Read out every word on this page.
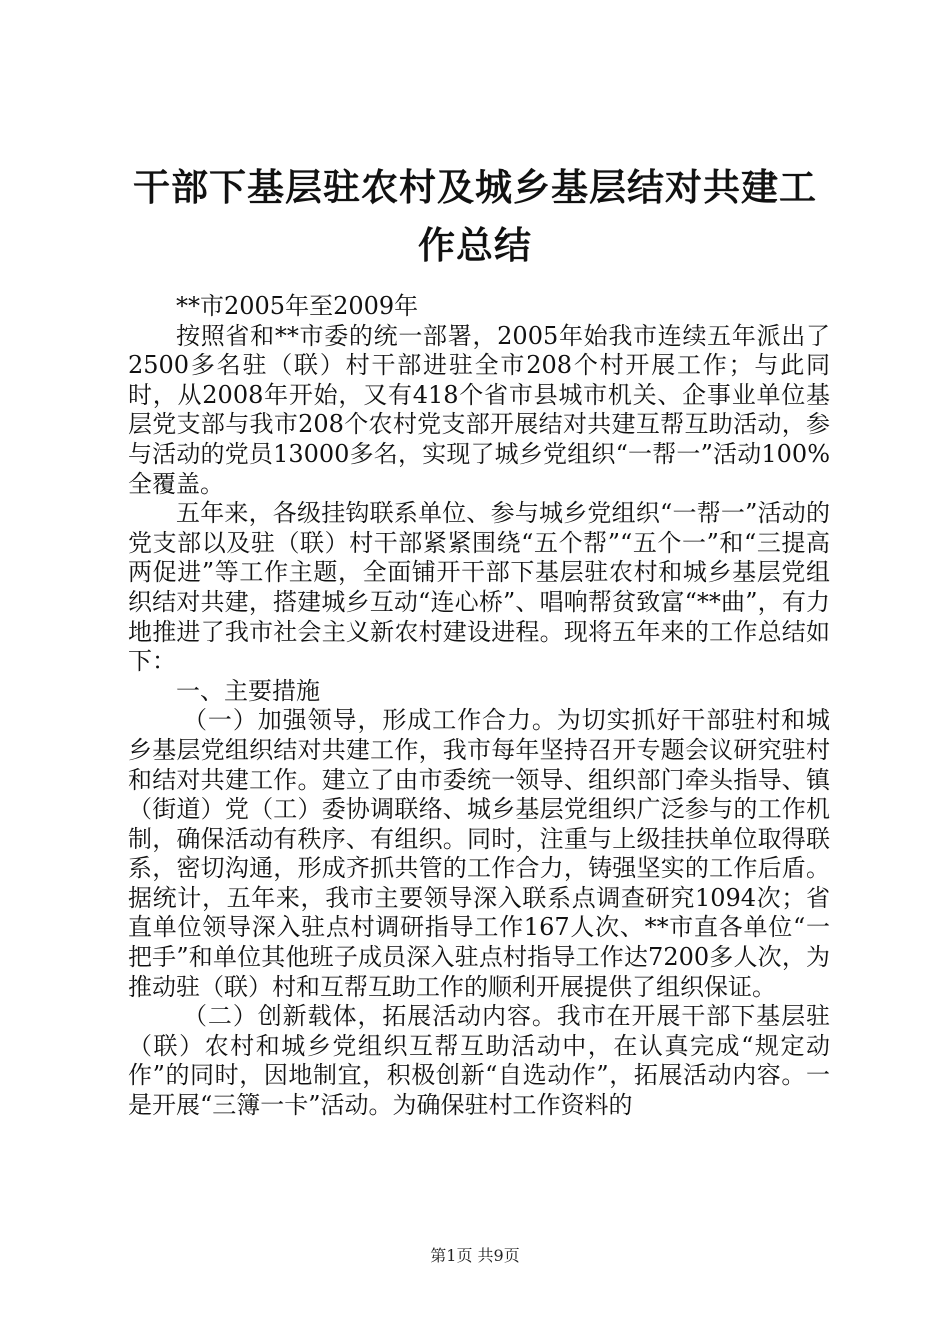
干部下基层驻农村及城乡基层结对共建工作总结

**市2005年至2009年

按照省和**市委的统一部署，2005年始我市连续五年派出了2500多名驻（联）村干部进驻全市208个村开展工作；与此同时，从2008年开始，又有418个省市县城市机关、企事业单位基层党支部与我市208个农村党支部开展结对共建互帮互助活动，参与活动的党员13000多名，实现了城乡党组织“一帮一”活动100%全覆盖。

五年来，各级挂钩联系单位、参与城乡党组织“一帮一”活动的党支部以及驻（联）村干部紧紧围绕“五个帮”“五个一”和“三提高两促进”等工作主题，全面铺开干部下基层驻农村和城乡基层党组织结对共建，搭建城乡互动“连心桥”、唱响帮贫致富“**曲”，有力地推进了我市社会主义新农村建设进程。现将五年来的工作总结如下：

一、主要措施

（一）加强领导，形成工作合力。为切实抓好干部驻村和城乡基层党组织结对共建工作，我市每年坚持召开专题会议研究驻村和结对共建工作。建立了由市委统一领导、组织部门牵头指导、镇（街道）党（工）委协调联络、城乡基层党组织广泛参与的工作机制，确保活动有秩序、有组织。同时，注重与上级挂扶单位取得联系，密切沟通，形成齐抓共管的工作合力，铸强坚实的工作后盾。据统计，五年来，我市主要领导深入联系点调查研究1094次；省直单位领导深入驻点村调研指导工作167人次、**市直各单位“一把手”和单位其他班子成员深入驻点村指导工作达7200多人次，为推动驻（联）村和互帮互助工作的顺利开展提供了组织保证。

（二）创新载体，拓展活动内容。我市在开展干部下基层驻（联）农村和城乡党组织互帮互助活动中，在认真完成“规定动作”的同时，因地制宜，积极创新“自选动作”，拓展活动内容。一是开展“三簿一卡”活动。为确保驻村工作资料的

第1页 共9页
